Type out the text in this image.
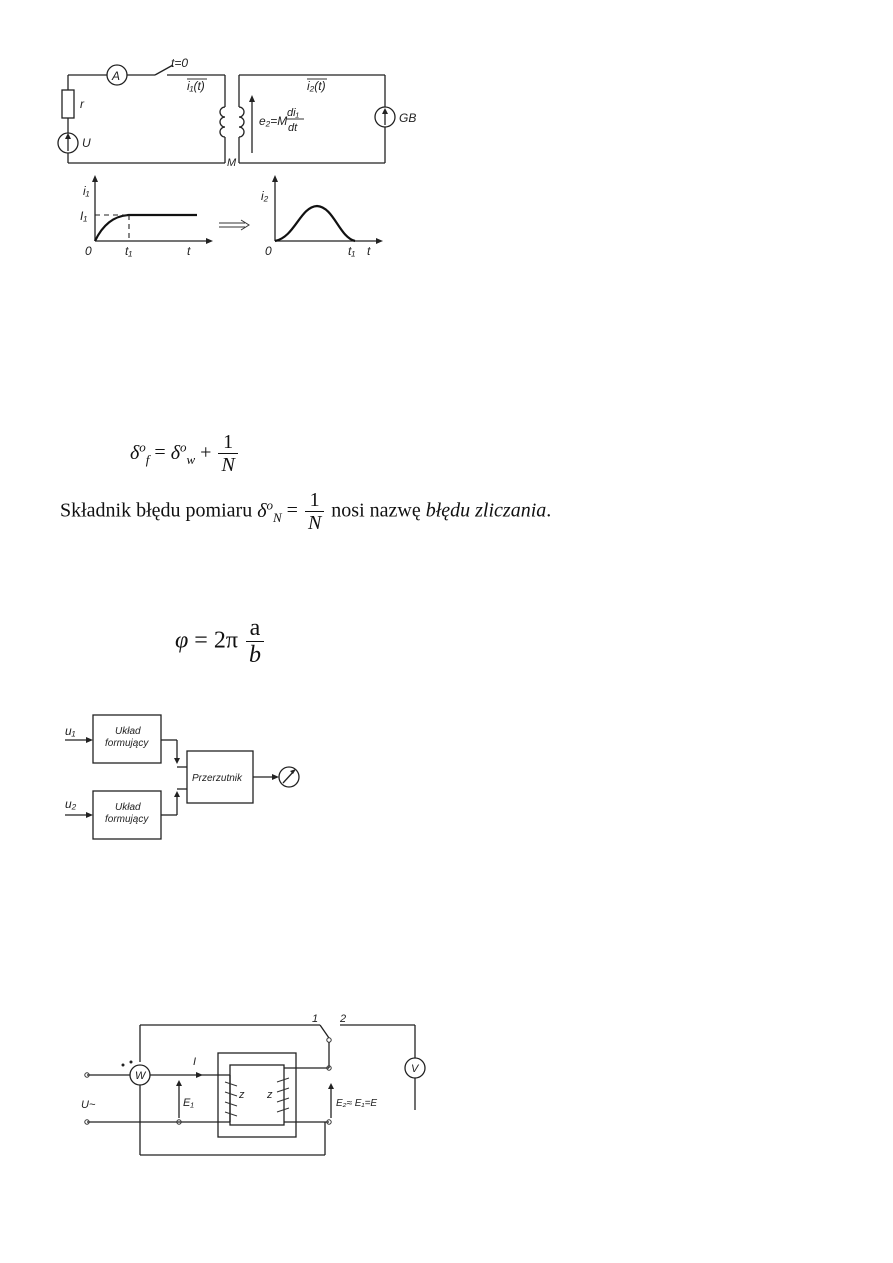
A
t=0
i₁(t)
r
U
GB
i₂(t)
e₂=M
di₁
dt
M
i₁
I₁
0	t₁	t
i₂
0	t₁ t
$\delta^o_f = \delta^o_w + \frac{1}{N}$
Składnik błędu pomiaru $\delta^o_N = \frac{1}{N}$ nosi nazwę błędu zliczania.
$\varphi = 2\pi \frac{a}{b}$
u₁	Układ
formujący
u₂	Układ
formujący
Przerzutnik
1 2
V
W
I
U~	E₁
z z
E₂≈ E₁=E
